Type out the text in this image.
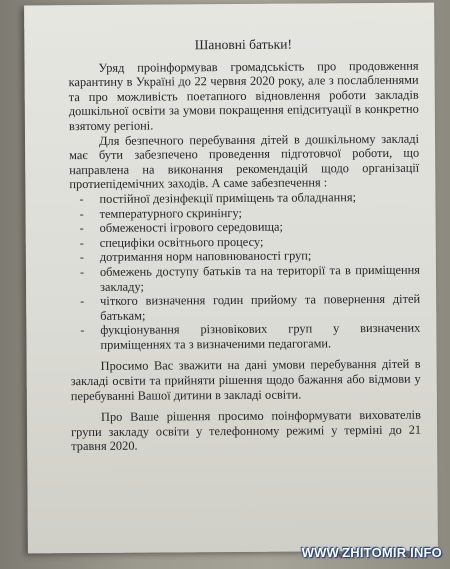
Шановні батьки!

Уряд проінформував громадськість про продовження карантину в Україні до 22 червня 2020 року, але з послабленнями та про можливість поетапного відновлення роботи закладів дошкільної освіти за умови покращення епідситуації в конкретно взятому регіоні.

Для безпечного перебування дітей в дошкільному закладі має бути забезпечено проведення підготовчої роботи, що направлена на виконання рекомендацій щодо організації протиепідемічних заходів. А саме забезпечення :

- постійної дезінфекції приміщень та обладнання;
- температурного скринінгу;
- обмеженості ігрового середовища;
- специфіки освітнього процесу;
- дотримання норм наповнюваності груп;
- обмежень доступу батьків та на території та в приміщення закладу;
- чіткого визначення годин прийому та повернення дітей батькам;
- фукціонування різновікових груп у визначених приміщеннях та з визначеними педагогами.

Просимо Вас зважити на дані умови перебування дітей в закладі освіти та прийняти рішення щодо бажання або відмови у перебуванні Вашої дитини в закладі освіти.

Про Ваше рішення просимо поінформувати вихователів групи закладу освіти у телефонному режимі у терміні до 21 травня 2020.

WWW.ZHITOMIR.INFO
